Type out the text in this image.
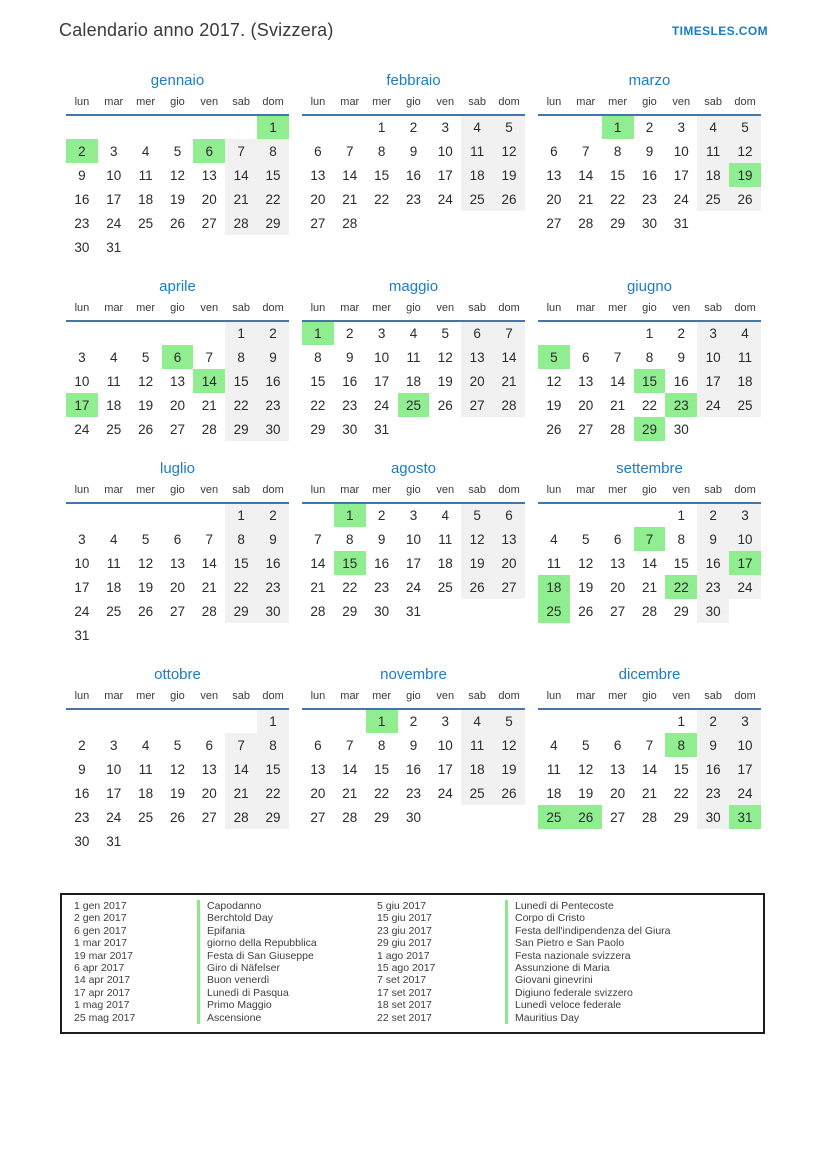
Calendario anno 2017. (Svizzera)	TIMESLES.COM
gennaio
lun	mar	mer	gio	ven	sab	dom
						1
2	3	4	5	6	7	8
9	10	11	12	13	14	15
16	17	18	19	20	21	22
23	24	25	26	27	28	29
30	31					
febbraio
lun	mar	mer	gio	ven	sab	dom
		1	2	3	4	5
6	7	8	9	10	11	12
13	14	15	16	17	18	19
20	21	22	23	24	25	26
27	28					
marzo
lun	mar	mer	gio	ven	sab	dom
		1	2	3	4	5
6	7	8	9	10	11	12
13	14	15	16	17	18	19
20	21	22	23	24	25	26
27	28	29	30	31		
aprile
lun	mar	mer	gio	ven	sab	dom
					1	2
3	4	5	6	7	8	9
10	11	12	13	14	15	16
17	18	19	20	21	22	23
24	25	26	27	28	29	30
maggio
lun	mar	mer	gio	ven	sab	dom
1	2	3	4	5	6	7
8	9	10	11	12	13	14
15	16	17	18	19	20	21
22	23	24	25	26	27	28
29	30	31				
giugno
lun	mar	mer	gio	ven	sab	dom
			1	2	3	4
5	6	7	8	9	10	11
12	13	14	15	16	17	18
19	20	21	22	23	24	25
26	27	28	29	30		
luglio
lun	mar	mer	gio	ven	sab	dom
					1	2
3	4	5	6	7	8	9
10	11	12	13	14	15	16
17	18	19	20	21	22	23
24	25	26	27	28	29	30
31						
agosto
lun	mar	mer	gio	ven	sab	dom
	1	2	3	4	5	6
7	8	9	10	11	12	13
14	15	16	17	18	19	20
21	22	23	24	25	26	27
28	29	30	31			
settembre
lun	mar	mer	gio	ven	sab	dom
				1	2	3
4	5	6	7	8	9	10
11	12	13	14	15	16	17
18	19	20	21	22	23	24
25	26	27	28	29	30	
ottobre
lun	mar	mer	gio	ven	sab	dom
						1
2	3	4	5	6	7	8
9	10	11	12	13	14	15
16	17	18	19	20	21	22
23	24	25	26	27	28	29
30	31					
novembre
lun	mar	mer	gio	ven	sab	dom
		1	2	3	4	5
6	7	8	9	10	11	12
13	14	15	16	17	18	19
20	21	22	23	24	25	26
27	28	29	30			
dicembre
lun	mar	mer	gio	ven	sab	dom
				1	2	3
4	5	6	7	8	9	10
11	12	13	14	15	16	17
18	19	20	21	22	23	24
25	26	27	28	29	30	31
1 gen 2017	Capodanno	5 giu 2017	Lunedì di Pentecoste
2 gen 2017	Berchtold Day	15 giu 2017	Corpo di Cristo
6 gen 2017	Epifania	23 giu 2017	Festa dell'indipendenza del Giura
1 mar 2017	giorno della Repubblica	29 giu 2017	San Pietro e San Paolo
19 mar 2017	Festa di San Giuseppe	1 ago 2017	Festa nazionale svizzera
6 apr 2017	Giro di Näfelser	15 ago 2017	Assunzione di Maria
14 apr 2017	Buon venerdì	7 set 2017	Giovani ginevrini
17 apr 2017	Lunedì di Pasqua	17 set 2017	Digiuno federale svizzero
1 mag 2017	Primo Maggio	18 set 2017	Lunedì veloce federale
25 mag 2017	Ascensione	22 set 2017	Mauritius Day
